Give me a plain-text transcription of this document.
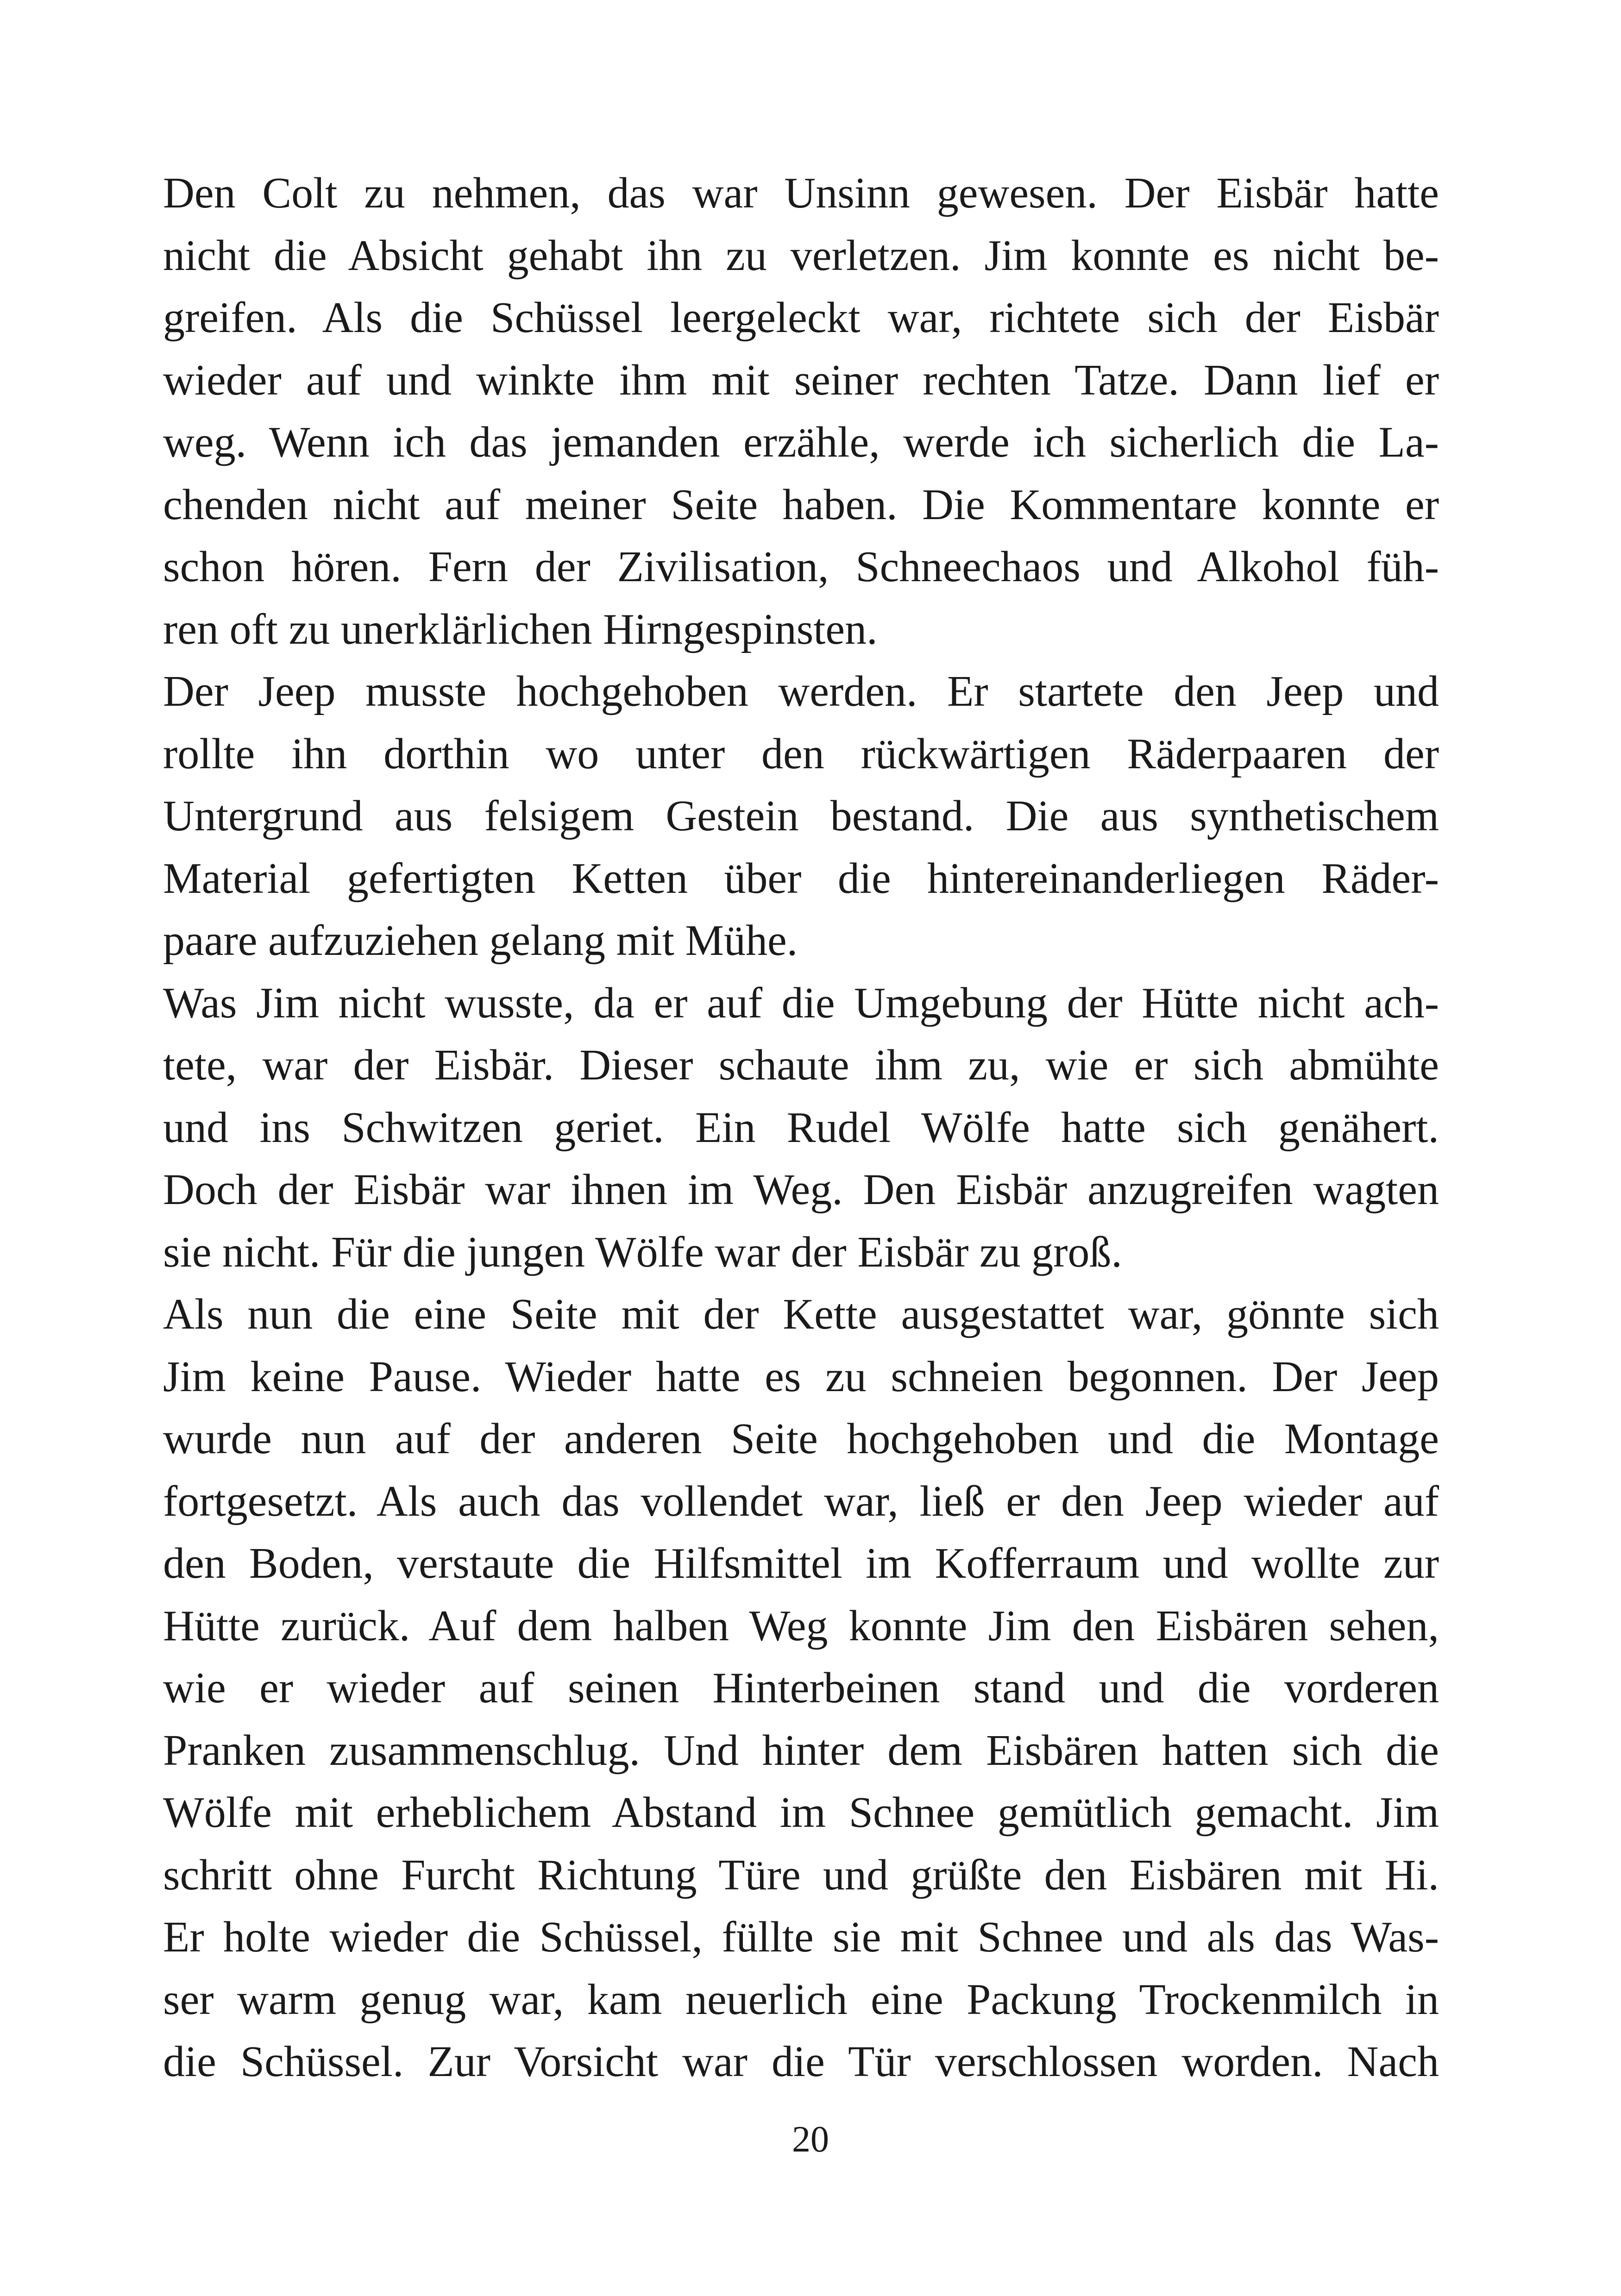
Den Colt zu nehmen, das war Unsinn gewesen. Der Eisbär hatte
nicht die Absicht gehabt ihn zu verletzen. Jim konnte es nicht be-
greifen. Als die Schüssel leergeleckt war, richtete sich der Eisbär
wieder auf und winkte ihm mit seiner rechten Tatze. Dann lief er
weg. Wenn ich das jemanden erzähle, werde ich sicherlich die La-
chenden nicht auf meiner Seite haben. Die Kommentare konnte er
schon hören. Fern der Zivilisation, Schneechaos und Alkohol füh-
ren oft zu unerklärlichen Hirngespinsten.
Der Jeep musste hochgehoben werden. Er startete den Jeep und
rollte ihn dorthin wo unter den rückwärtigen Räderpaaren der
Untergrund aus felsigem Gestein bestand. Die aus synthetischem
Material gefertigten Ketten über die hintereinanderliegen Räder-
paare aufzuziehen gelang mit Mühe.
Was Jim nicht wusste, da er auf die Umgebung der Hütte nicht ach-
tete, war der Eisbär. Dieser schaute ihm zu, wie er sich abmühte
und ins Schwitzen geriet. Ein Rudel Wölfe hatte sich genähert.
Doch der Eisbär war ihnen im Weg. Den Eisbär anzugreifen wagten
sie nicht. Für die jungen Wölfe war der Eisbär zu groß.
Als nun die eine Seite mit der Kette ausgestattet war, gönnte sich
Jim keine Pause. Wieder hatte es zu schneien begonnen. Der Jeep
wurde nun auf der anderen Seite hochgehoben und die Montage
fortgesetzt. Als auch das vollendet war, ließ er den Jeep wieder auf
den Boden, verstaute die Hilfsmittel im Kofferraum und wollte zur
Hütte zurück. Auf dem halben Weg konnte Jim den Eisbären sehen,
wie er wieder auf seinen Hinterbeinen stand und die vorderen
Pranken zusammenschlug. Und hinter dem Eisbären hatten sich die
Wölfe mit erheblichem Abstand im Schnee gemütlich gemacht. Jim
schritt ohne Furcht Richtung Türe und grüßte den Eisbären mit Hi.
Er holte wieder die Schüssel, füllte sie mit Schnee und als das Was-
ser warm genug war, kam neuerlich eine Packung Trockenmilch in
die Schüssel. Zur Vorsicht war die Tür verschlossen worden. Nach
20
